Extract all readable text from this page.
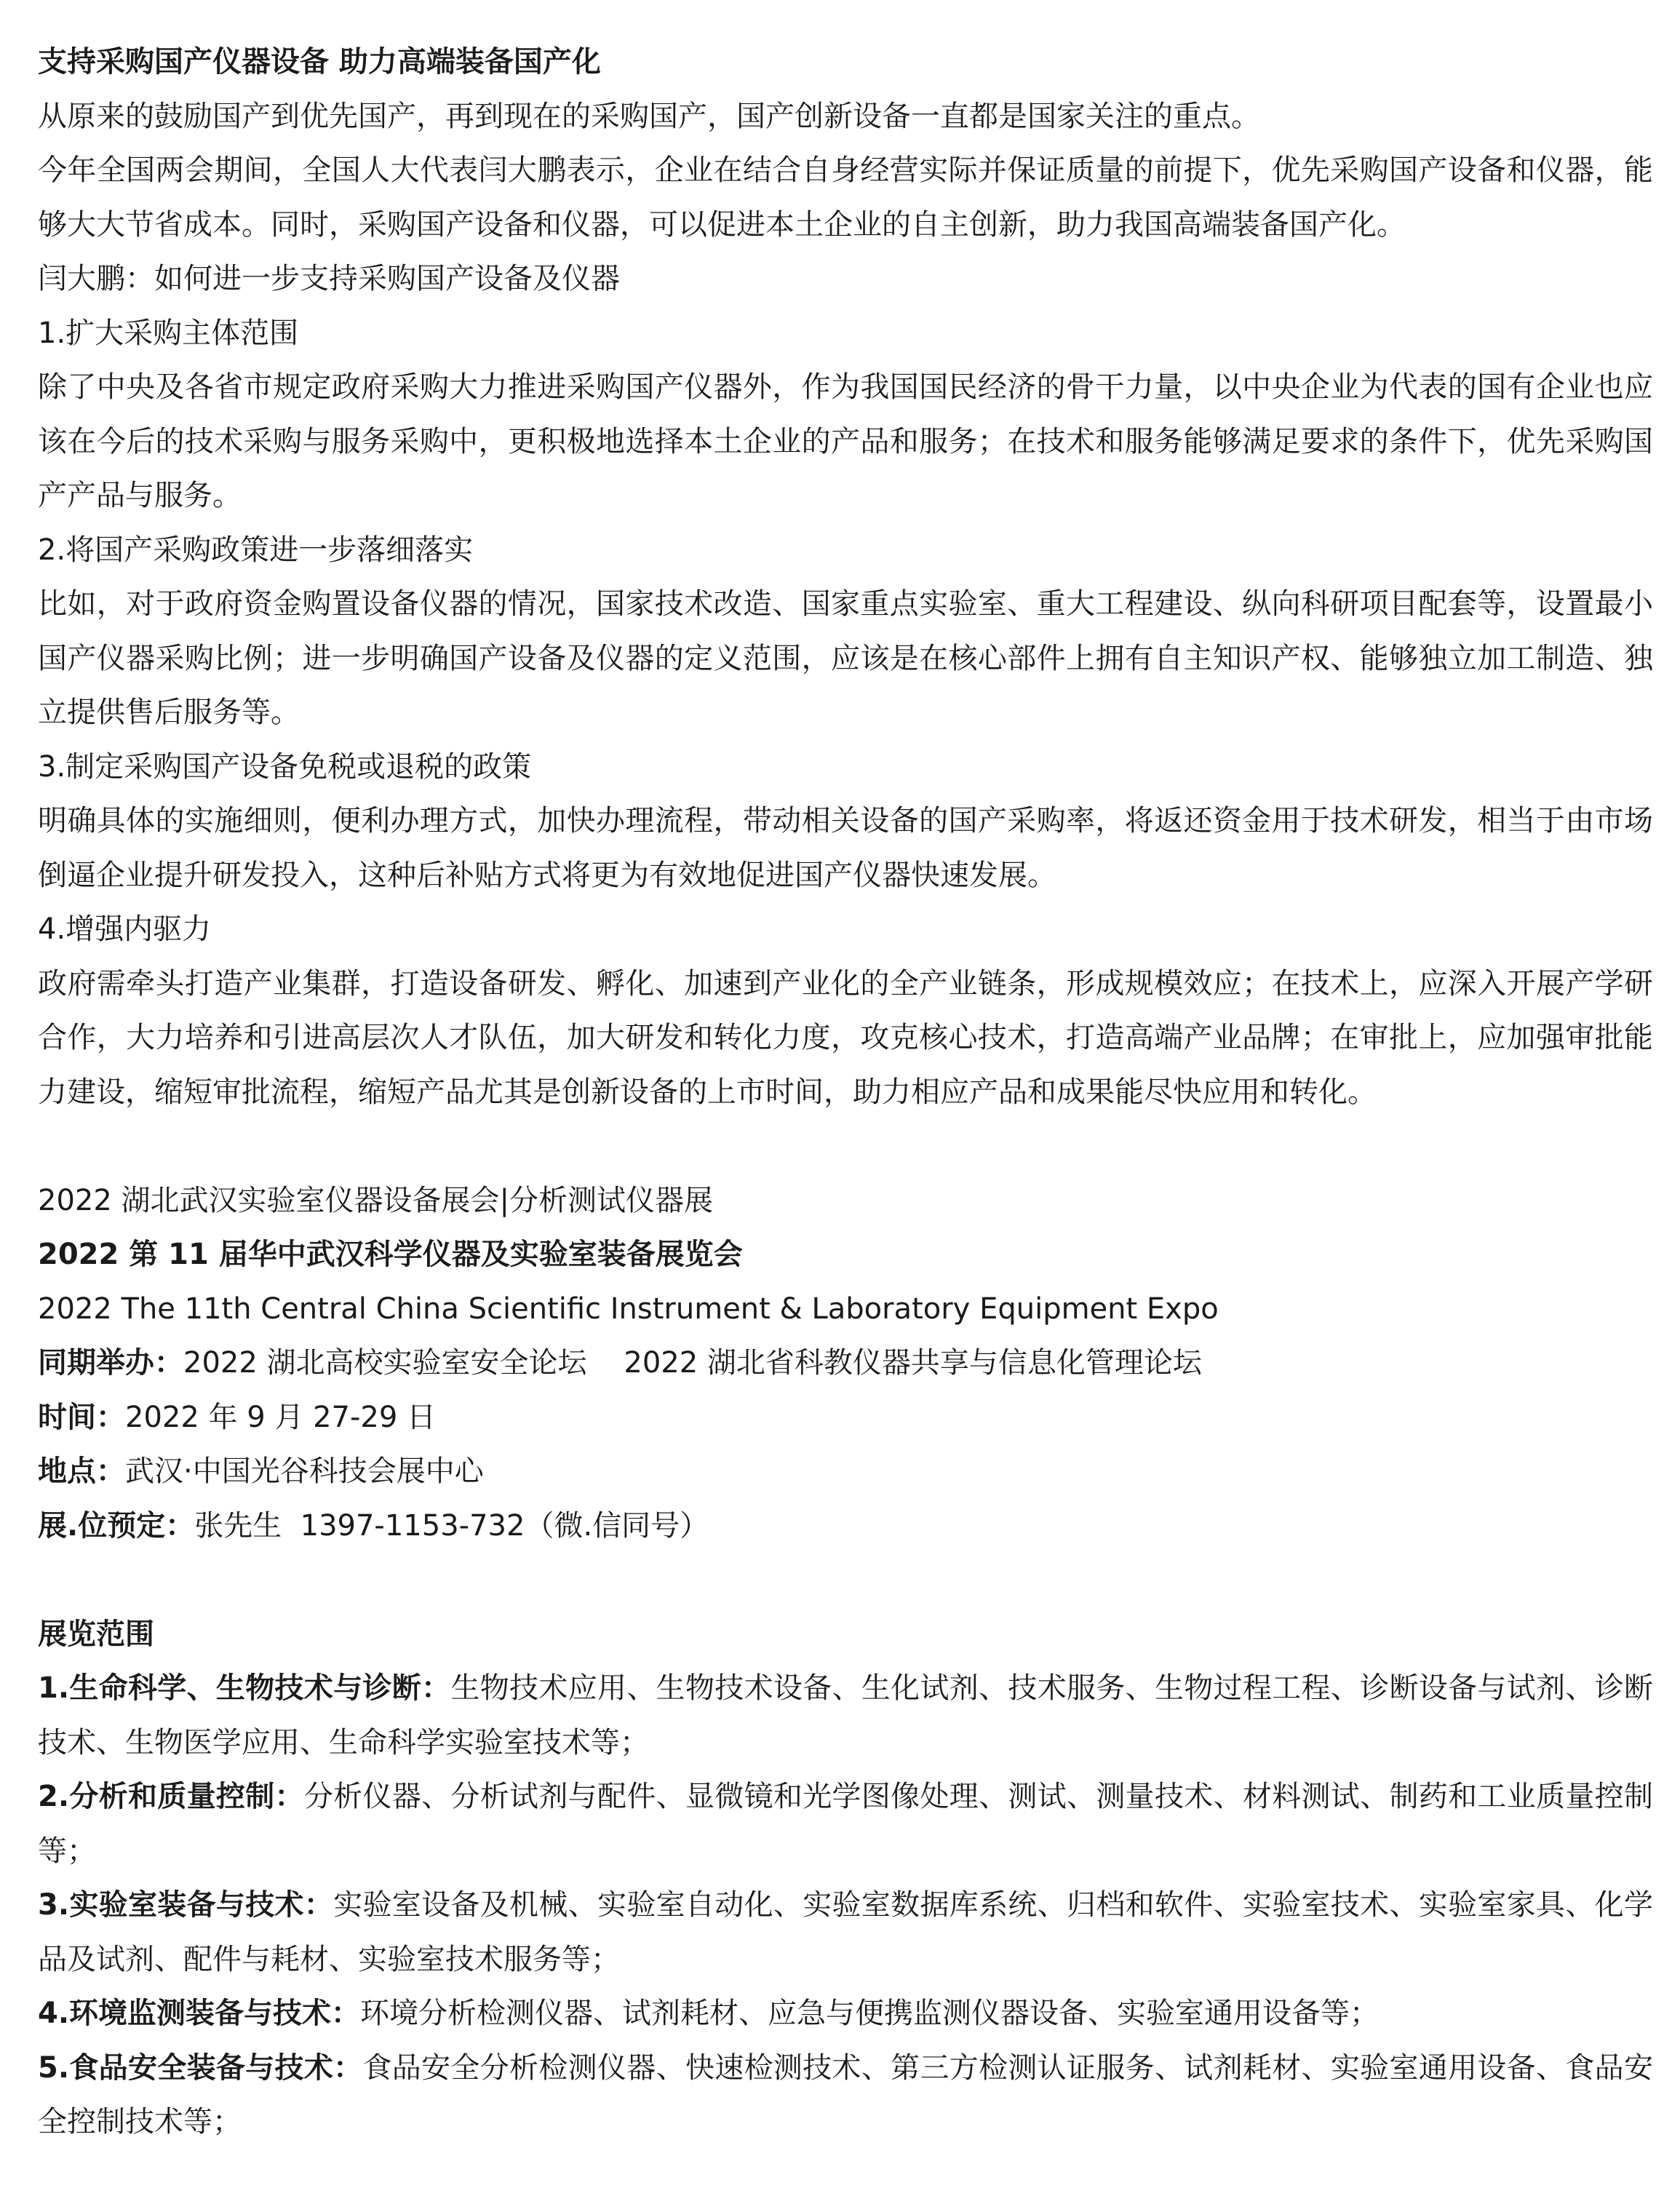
支持采购国产仪器设备 助力高端装备国产化

从原来的鼓励国产到优先国产，再到现在的采购国产，国产创新设备一直都是国家关注的重点。

今年全国两会期间，全国人大代表闫大鹏表示，企业在结合自身经营实际并保证质量的前提下，优先采购国产设备和仪器，能够大大节省成本。同时，采购国产设备和仪器，可以促进本土企业的自主创新，助力我国高端装备国产化。

闫大鹏：如何进一步支持采购国产设备及仪器

1.扩大采购主体范围

除了中央及各省市规定政府采购大力推进采购国产仪器外，作为我国国民经济的骨干力量，以中央企业为代表的国有企业也应该在今后的技术采购与服务采购中，更积极地选择本土企业的产品和服务；在技术和服务能够满足要求的条件下，优先采购国产产品与服务。

2.将国产采购政策进一步落细落实

比如，对于政府资金购置设备仪器的情况，国家技术改造、国家重点实验室、重大工程建设、纵向科研项目配套等，设置最小国产仪器采购比例；进一步明确国产设备及仪器的定义范围，应该是在核心部件上拥有自主知识产权、能够独立加工制造、独立提供售后服务等。

3.制定采购国产设备免税或退税的政策

明确具体的实施细则，便利办理方式，加快办理流程，带动相关设备的国产采购率，将返还资金用于技术研发，相当于由市场倒逼企业提升研发投入，这种后补贴方式将更为有效地促进国产仪器快速发展。

4.增强内驱力

政府需牵头打造产业集群，打造设备研发、孵化、加速到产业化的全产业链条，形成规模效应；在技术上，应深入开展产学研合作，大力培养和引进高层次人才队伍，加大研发和转化力度，攻克核心技术，打造高端产业品牌；在审批上，应加强审批能力建设，缩短审批流程，缩短产品尤其是创新设备的上市时间，助力相应产品和成果能尽快应用和转化。

2022 湖北武汉实验室仪器设备展会|分析测试仪器展

2022 第 11 届华中武汉科学仪器及实验室装备展览会

2022 The 11th Central China Scientific Instrument & Laboratory Equipment Expo

同期举办：2022 湖北高校实验室安全论坛    2022 湖北省科教仪器共享与信息化管理论坛

时间：2022 年 9 月 27-29 日

地点：武汉·中国光谷科技会展中心

展.位预定：张先生  1397-1153-732（微.信同号）

展览范围

1.生命科学、生物技术与诊断：生物技术应用、生物技术设备、生化试剂、技术服务、生物过程工程、诊断设备与试剂、诊断技术、生物医学应用、生命科学实验室技术等；

2.分析和质量控制：分析仪器、分析试剂与配件、显微镜和光学图像处理、测试、测量技术、材料测试、制药和工业质量控制等；

3.实验室装备与技术：实验室设备及机械、实验室自动化、实验室数据库系统、归档和软件、实验室技术、实验室家具、化学品及试剂、配件与耗材、实验室技术服务等；

4.环境监测装备与技术：环境分析检测仪器、试剂耗材、应急与便携监测仪器设备、实验室通用设备等；

5.食品安全装备与技术：食品安全分析检测仪器、快速检测技术、第三方检测认证服务、试剂耗材、实验室通用设备、食品安全控制技术等；
